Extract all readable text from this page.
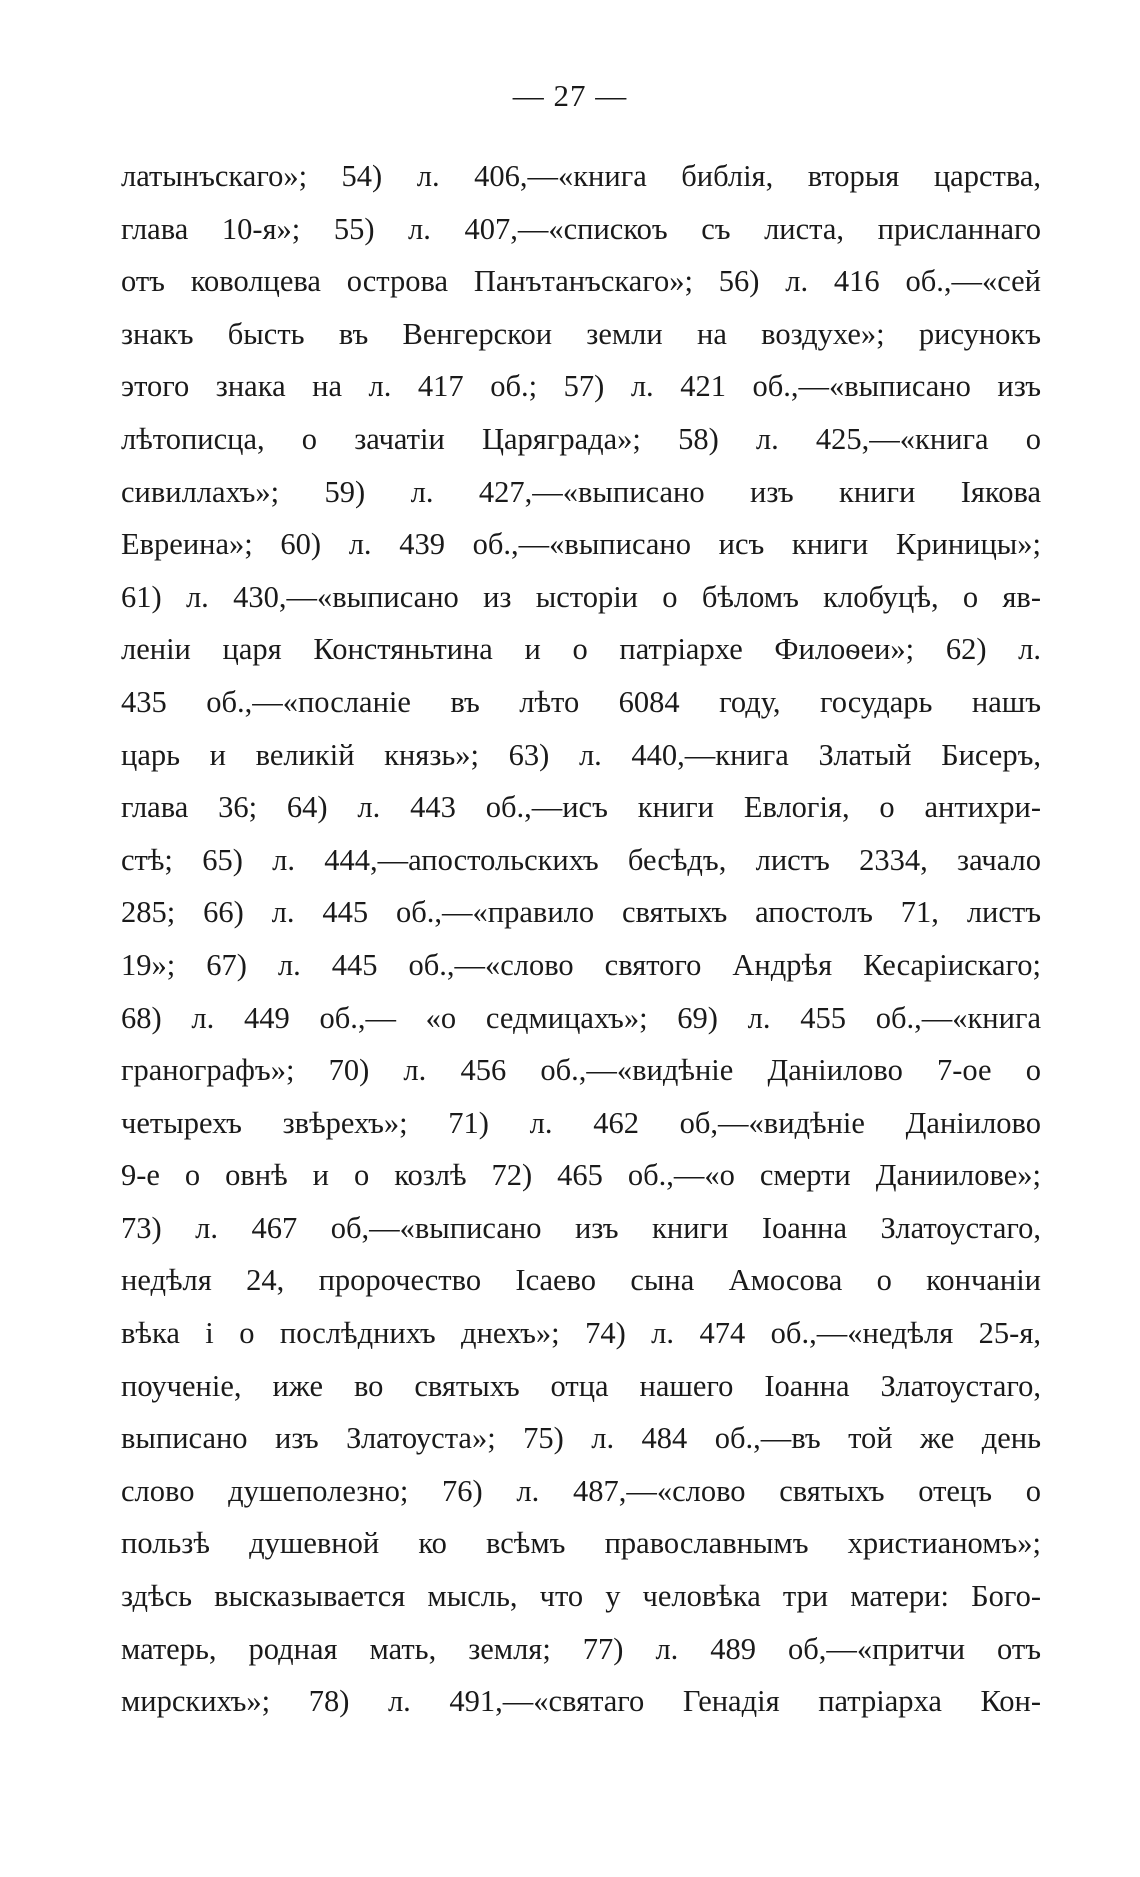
— 27 —
латынъскаго»; 54) л. 406,—«книга библія, вторыя царства,
глава 10-я»; 55) л. 407,—«спискоъ съ листа, присланнаго
отъ коволцева острова Панътанъскаго»; 56) л. 416 об.,—«сей
знакъ бысть въ Венгерскои земли на воздухе»; рисунокъ
этого знака на л. 417 об.; 57) л. 421 об.,—«выписано изъ
лѣтописца, о зачатіи Царяграда»; 58) л. 425,—«книга о
сивиллахъ»; 59) л. 427,—«выписано изъ книги Іякова
Евреина»; 60) л. 439 об.,—«выписано исъ книги Криницы»;
61) л. 430,—«выписано из ысторіи о бѣломъ клобуцѣ, о яв-
леніи царя Констяньтина и о патріархе Филоѳеи»; 62) л.
435 об.,—«посланіе въ лѣто 6084 году, государь нашъ
царь и великій князь»; 63) л. 440,—книга Златый Бисеръ,
глава 36; 64) л. 443 об.,—исъ книги Евлогія, о антихри-
стѣ; 65) л. 444,—апостольскихъ бесѣдъ, листъ 2334, зачало
285; 66) л. 445 об.,—«правило святыхъ апостолъ 71, листъ
19»; 67) л. 445 об.,—«слово святого Андрѣя Кесаріискаго;
68) л. 449 об.,— «о седмицахъ»; 69) л. 455 об.,—«книга
гранографъ»; 70) л. 456 об.,—«видѣніе Даніилово 7-ое о
четырехъ звѣрехъ»; 71) л. 462 об,—«видѣніе Даніилово
9-е о овнѣ и о козлѣ 72) 465 об.,—«о смерти Даниилове»;
73) л. 467 об,—«выписано изъ книги Іоанна Златоустаго,
недѣля 24, пророчество Ісаево сына Амосова о кончаніи
вѣка і о послѣднихъ днехъ»; 74) л. 474 об.,—«недѣля 25-я,
поученіе, иже во святыхъ отца нашего Іоанна Златоустаго,
выписано изъ Златоуста»; 75) л. 484 об.,—въ той же день
слово душеполезно; 76) л. 487,—«слово святыхъ отецъ о
пользѣ душевной ко всѣмъ православнымъ христианомъ»;
здѣсь высказывается мысль, что у человѣка три матери: Бого-
матерь, родная мать, земля; 77) л. 489 об,—«притчи отъ
мирскихъ»; 78) л. 491,—«святаго Генадія патріарха Кон-
